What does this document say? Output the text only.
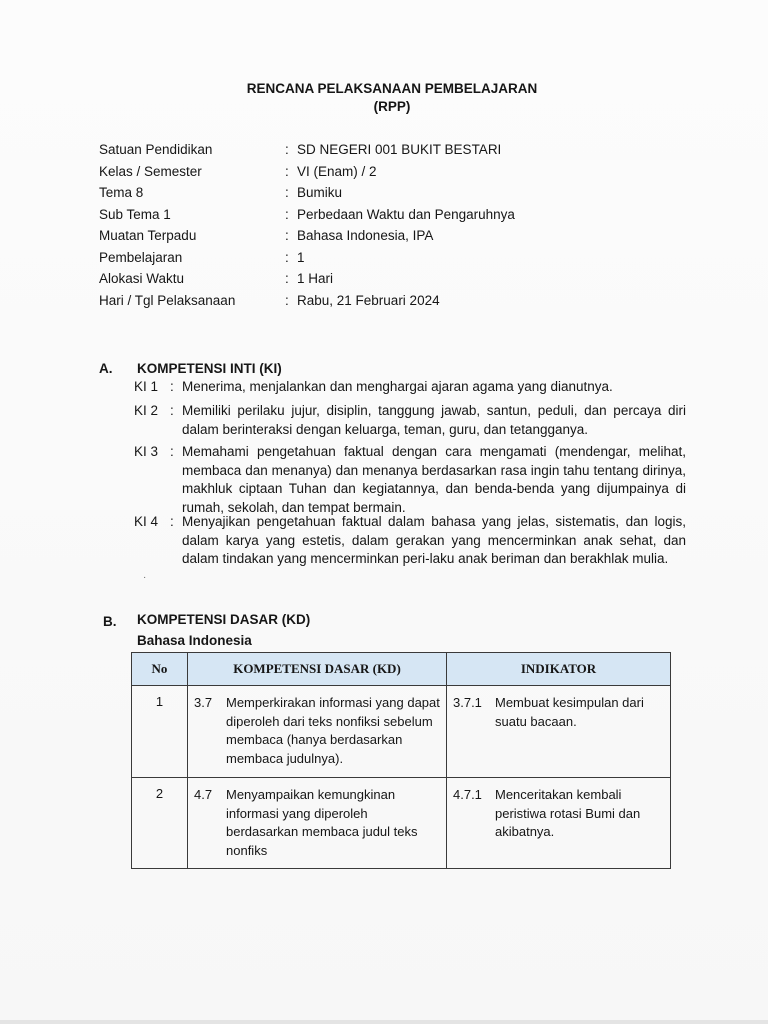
RENCANA PELAKSANAAN PEMBELAJARAN
(RPP)
Satuan Pendidikan	: SD NEGERI 001 BUKIT BESTARI
Kelas / Semester	: VI (Enam) / 2
Tema 8	: Bumiku
Sub Tema 1	: Perbedaan Waktu dan Pengaruhnya
Muatan Terpadu	: Bahasa Indonesia, IPA
Pembelajaran	: 1
Alokasi Waktu	: 1 Hari
Hari / Tgl Pelaksanaan	: Rabu, 21 Februari 2024
A. KOMPETENSI INTI (KI)
KI 1 : Menerima, menjalankan dan menghargai ajaran agama yang dianutnya.
KI 2 : Memiliki perilaku jujur, disiplin, tanggung jawab, santun, peduli, dan percaya diri dalam berinteraksi dengan keluarga, teman, guru, dan tetangganya.
KI 3 : Memahami pengetahuan faktual dengan cara mengamati (mendengar, melihat, membaca dan menanya) dan menanya berdasarkan rasa ingin tahu tentang dirinya, makhluk ciptaan Tuhan dan kegiatannya, dan benda-benda yang dijumpainya di rumah, sekolah, dan tempat bermain.
KI 4 : Menyajikan pengetahuan faktual dalam bahasa yang jelas, sistematis, dan logis, dalam karya yang estetis, dalam gerakan yang mencerminkan anak sehat, dan dalam tindakan yang mencerminkan peri-laku anak beriman dan berakhlak mulia.
B. KOMPETENSI DASAR (KD)
Bahasa Indonesia
No	KOMPETENSI DASAR (KD)	INDIKATOR
1	3.7 Memperkirakan informasi yang dapat diperoleh dari teks nonfiksi sebelum membaca (hanya berdasarkan membaca judulnya).	3.7.1 Membuat kesimpulan dari suatu bacaan.

2	4.7 Menyampaikan kemungkinan informasi yang diperoleh berdasarkan membaca judul teks nonfiks	4.7.1 Menceritakan kembali peristiwa rotasi Bumi dan akibatnya.
·
